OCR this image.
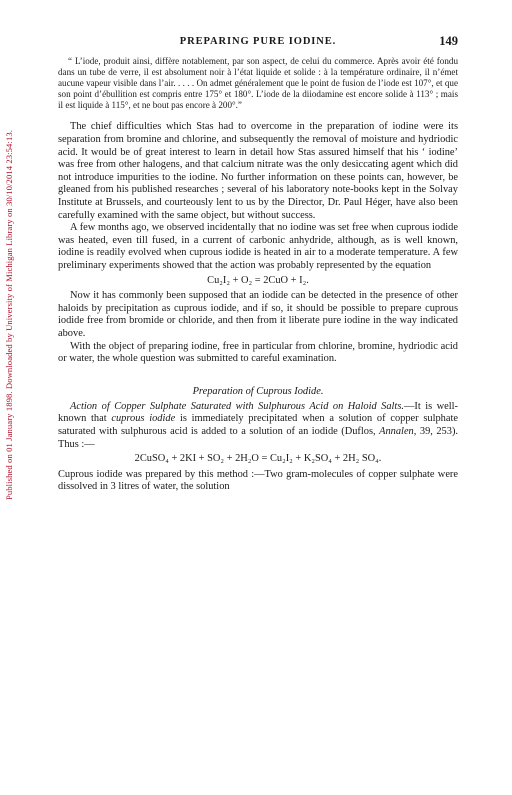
Published on 01 January 1898. Downloaded by University of Michigan Library on 30/10/2014 23:54:13.
PREPARING PURE IODINE.	149

“ L’iode, produit ainsi, diffère notablement, par son aspect, de celui du commerce. Après avoir été fondu dans un tube de verre, il est absolument noir à l’état liquide et solide : à la température ordinaire, il n’émet aucune vapeur visible dans l’air. . . . . On admet généralement que le point de fusion de l’iode est 107°, et que son point d’ébullition est compris entre 175° et 180°. L’iode de la diiodamine est encore solide à 113° ; mais il est liquide à 115°, et ne bout pas encore à 200°.”

The chief difficulties which Stas had to overcome in the preparation of iodine were its separation from bromine and chlorine, and subsequently the removal of moisture and hydriodic acid. It would be of great interest to learn in detail how Stas assured himself that his ‘ iodine’ was free from other halogens, and that calcium nitrate was the only desiccating agent which did not introduce impurities to the iodine. No further information on these points can, however, be gleaned from his published researches ; several of his laboratory note-books kept in the Solvay Institute at Brussels, and courteously lent to us by the Director, Dr. Paul Héger, have also been carefully examined with the same object, but without success.

A few months ago, we observed incidentally that no iodine was set free when cuprous iodide was heated, even till fused, in a current of carbonic anhydride, although, as is well known, iodine is readily evolved when cuprous iodide is heated in air to a moderate temperature. A few preliminary experiments showed that the action was probably represented by the equation

Cu₂I₂ + O₂ = 2CuO + I₂.

Now it has commonly been supposed that an iodide can be detected in the presence of other haloids by precipitation as cuprous iodide, and if so, it should be possible to prepare cuprous iodide free from bromide or chloride, and then from it liberate pure iodine in the way indicated above.

With the object of preparing iodine, free in particular from chlorine, bromine, hydriodic acid or water, the whole question was submitted to careful examination.

Preparation of Cuprous Iodide.

Action of Copper Sulphate Saturated with Sulphurous Acid on Haloid Salts.—It is well-known that cuprous iodide is immediately precipitated when a solution of copper sulphate saturated with sulphurous acid is added to a solution of an iodide (Duflos, Annalen, 39, 253). Thus :—

2CuSO₄ + 2KI + SO₂ + 2H₂O = Cu₂I₂ + K₂SO₄ + 2H₂ SO₄.

Cuprous iodide was prepared by this method :—Two gram-molecules of copper sulphate were dissolved in 3 litres of water, the solution
